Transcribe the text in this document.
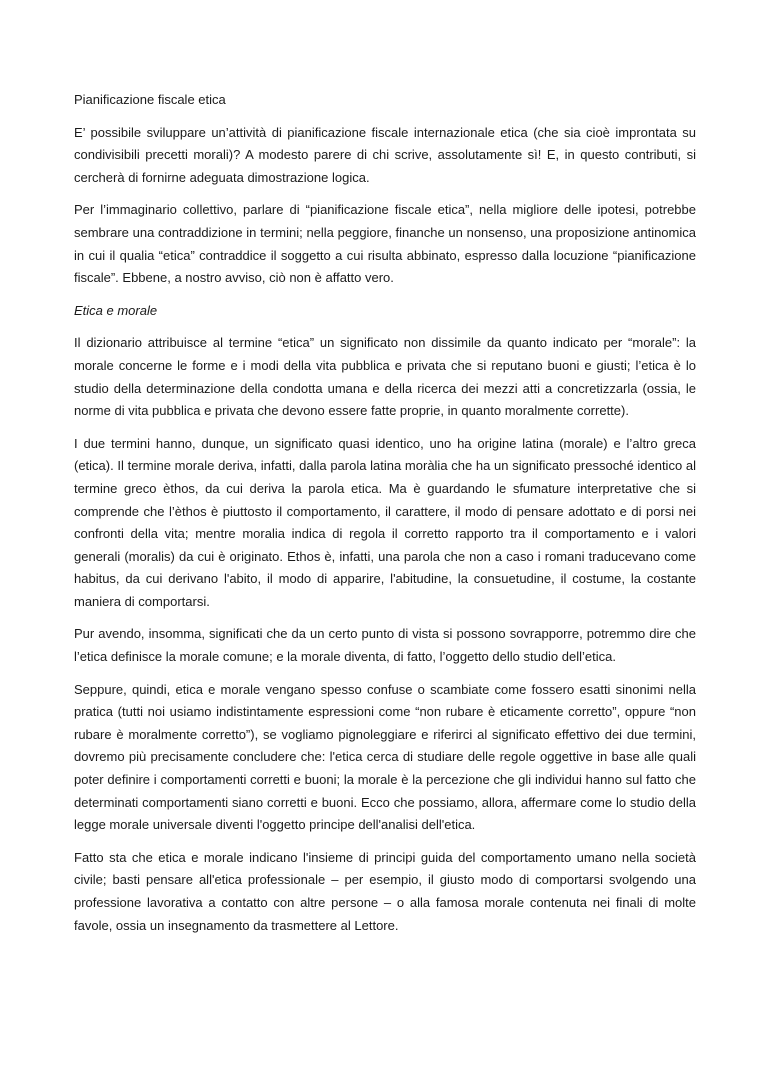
Pianificazione fiscale etica

E’ possibile sviluppare un’attività di pianificazione fiscale internazionale etica (che sia cioè improntata su condivisibili precetti morali)? A modesto parere di chi scrive, assolutamente sì! E, in questo contributi, si cercherà di fornirne adeguata dimostrazione logica.

Per l’immaginario collettivo, parlare di “pianificazione fiscale etica”, nella migliore delle ipotesi, potrebbe sembrare una contraddizione in termini; nella peggiore, finanche un nonsenso, una proposizione antinomica in cui il qualia “etica” contraddice il soggetto a cui risulta abbinato, espresso dalla locuzione “pianificazione fiscale”. Ebbene, a nostro avviso, ciò non è affatto vero.

Etica e morale

Il dizionario attribuisce al termine “etica” un significato non dissimile da quanto indicato per “morale”: la morale concerne le forme e i modi della vita pubblica e privata che si reputano buoni e giusti; l’etica è lo studio della determinazione della condotta umana e della ricerca dei mezzi atti a concretizzarla (ossia, le norme di vita pubblica e privata che devono essere fatte proprie, in quanto moralmente corrette).

I due termini hanno, dunque, un significato quasi identico, uno ha origine latina (morale) e l’altro greca (etica). Il termine morale deriva, infatti, dalla parola latina moràlia che ha un significato pressoché identico al termine greco èthos, da cui deriva la parola etica. Ma è guardando le sfumature interpretative che si comprende che l’èthos è piuttosto il comportamento, il carattere, il modo di pensare adottato e di porsi nei confronti della vita; mentre moralia indica di regola il corretto rapporto tra il comportamento e i valori generali (moralis) da cui è originato. Ethos è, infatti, una parola che non a caso i romani traducevano come habitus, da cui derivano l'abito, il modo di apparire, l'abitudine, la consuetudine, il costume, la costante maniera di comportarsi.

Pur avendo, insomma, significati che da un certo punto di vista si possono sovrapporre, potremmo dire che l’etica definisce la morale comune; e la morale diventa, di fatto, l’oggetto dello studio dell’etica.

Seppure, quindi, etica e morale vengano spesso confuse o scambiate come fossero esatti sinonimi nella pratica (tutti noi usiamo indistintamente espressioni come “non rubare è eticamente corretto”, oppure “non rubare è moralmente corretto”), se vogliamo pignoleggiare e riferirci al significato effettivo dei due termini, dovremo più precisamente concludere che: l'etica cerca di studiare delle regole oggettive in base alle quali poter definire i comportamenti corretti e buoni; la morale è la percezione che gli individui hanno sul fatto che determinati comportamenti siano corretti e buoni. Ecco che possiamo, allora, affermare come lo studio della legge morale universale diventi l'oggetto principe dell'analisi dell'etica.

Fatto sta che etica e morale indicano l'insieme di principi guida del comportamento umano nella società civile; basti pensare all'etica professionale – per esempio, il giusto modo di comportarsi svolgendo una professione lavorativa a contatto con altre persone – o alla famosa morale contenuta nei finali di molte favole, ossia un insegnamento da trasmettere al Lettore.
